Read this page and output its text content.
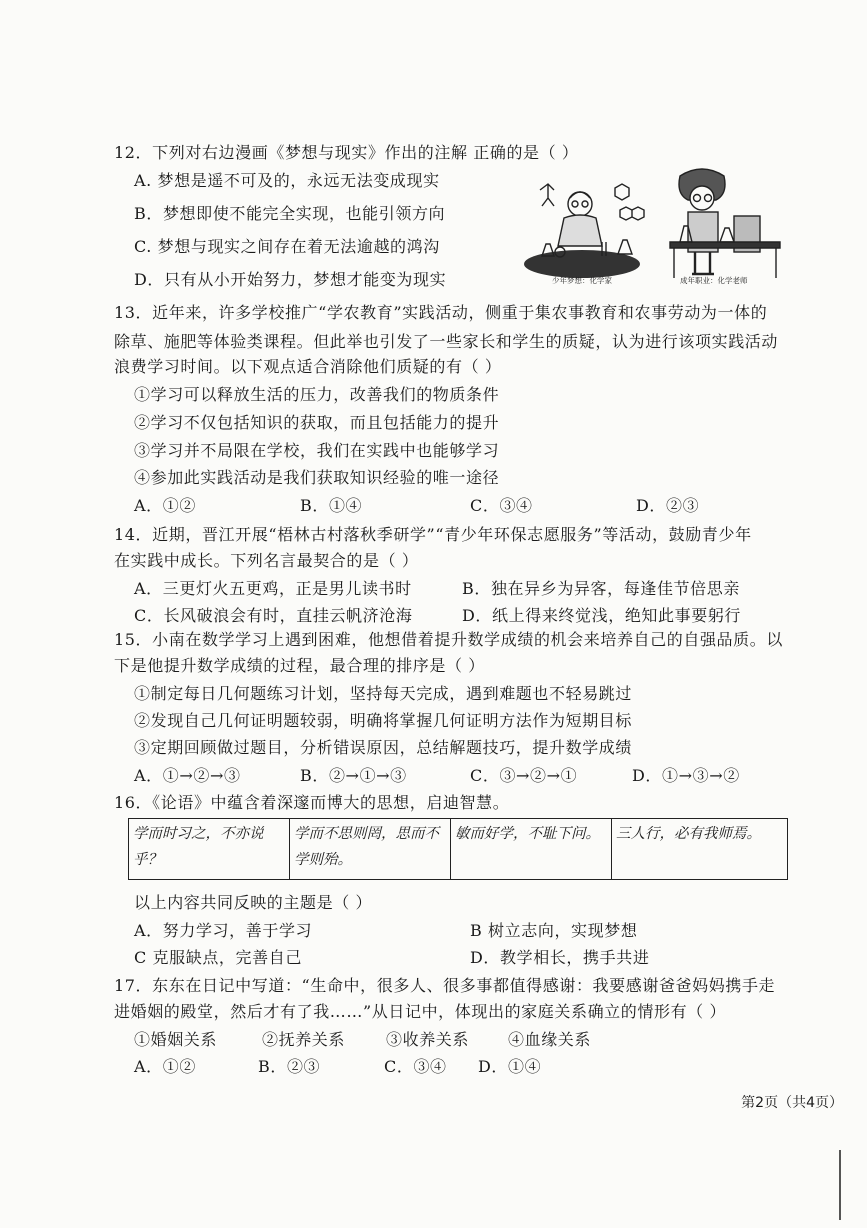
12．下列对右边漫画《梦想与现实》作出的注解 正确的是（ ）
A. 梦想是遥不可及的，永远无法变成现实
B．梦想即使不能完全实现，也能引领方向
C. 梦想与现实之间存在着无法逾越的鸿沟
D．只有从小开始努力，梦想才能变为现实	少年梦想：化学家	成年职业：化学老师
13．近年来，许多学校推广“学农教育”实践活动，侧重于集农事教育和农事劳动为一体的
除草、施肥等体验类课程。但此举也引发了一些家长和学生的质疑，认为进行该项实践活动
浪费学习时间。以下观点适合消除他们质疑的有（ ）
①学习可以释放生活的压力，改善我们的物质条件
②学习不仅包括知识的获取，而且包括能力的提升
③学习并不局限在学校，我们在实践中也能够学习
④参加此实践活动是我们获取知识经验的唯一途径
A．①②	B．①④	C．③④	D．②③
14．近期，晋江开展“梧林古村落秋季研学”“青少年环保志愿服务”等活动，鼓励青少年
在实践中成长。下列名言最契合的是（ ）
A．三更灯火五更鸡，正是男儿读书时	B．独在异乡为异客，每逢佳节倍思亲
C．长风破浪会有时，直挂云帆济沧海	D．纸上得来终觉浅，绝知此事要躬行
15．小南在数学学习上遇到困难，他想借着提升数学成绩的机会来培养自己的自强品质。以
下是他提升数学成绩的过程，最合理的排序是（ ）
①制定每日几何题练习计划，坚持每天完成，遇到难题也不轻易跳过
②发现自己几何证明题较弱，明确将掌握几何证明方法作为短期目标
③定期回顾做过题目，分析错误原因，总结解题技巧，提升数学成绩
A．①→②→③	B．②→①→③	C．③→②→①	D．①→③→②
16．《论语》中蕴含着深邃而博大的思想，启迪智慧。
学而时习之，不亦说乎？	学而不思则罔，思而不学则殆。	敏而好学，不耻下问。	三人行，必有我师焉。
以上内容共同反映的主题是（ ）
A．努力学习，善于学习	B 树立志向，实现梦想
C 克服缺点，完善自己	D．教学相长，携手共进
17．东东在日记中写道：“生命中，很多人、很多事都值得感谢：我要感谢爸爸妈妈携手走
进婚姻的殿堂，然后才有了我……”从日记中，体现出的家庭关系确立的情形有（ ）
①婚姻关系	②抚养关系	③收养关系 ④血缘关系
A．①②	B．②③	C．③④ D．①④
第2页（共4页）
